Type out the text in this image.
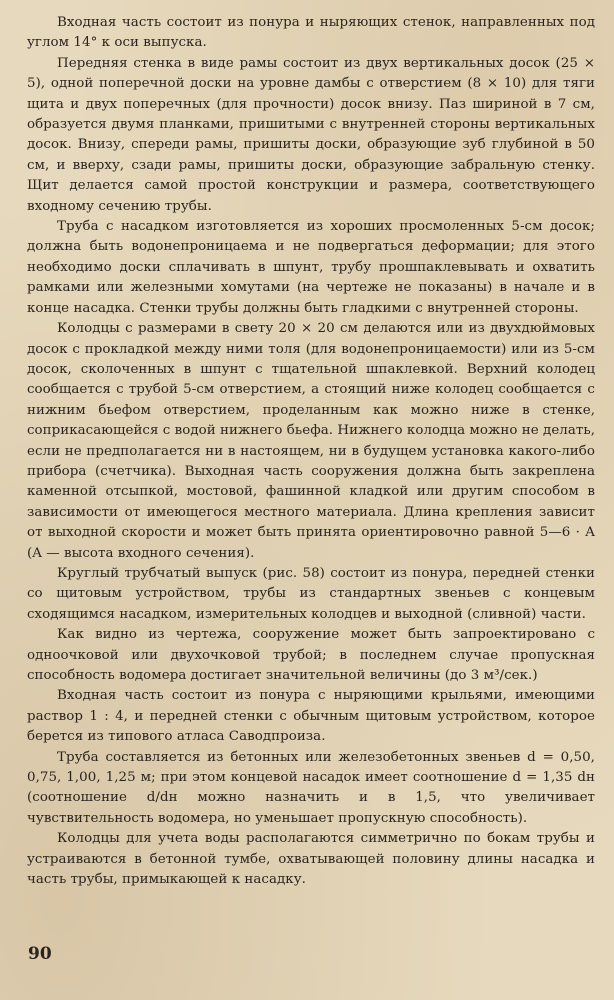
Входная часть состоит из понура и ныряющих стенок, направленных под углом 14° к оси выпуска.

Передняя стенка в виде рамы состоит из двух вертикальных досок (25 × 5), одной поперечной доски на уровне дамбы с отверстием (8 × 10) для тяги щита и двух поперечных (для прочности) досок внизу. Паз шириной в 7 см, образуется двумя планками, пришитыми с внутренней стороны вертикальных досок. Внизу, спереди рамы, пришиты доски, образующие зуб глубиной в 50 см, и вверху, сзади рамы, пришиты доски, образующие забральную стенку. Щит делается самой простой конструкции и размера, соответствующего входному сечению трубы.

Труба с насадком изготовляется из хороших просмоленных 5-см досок; должна быть водонепроницаема и не подвергаться деформации; для этого необходимо доски сплачивать в шпунт, трубу прошпаклевывать и охватить рамками или железными хомутами (на чертеже не показаны) в начале и в конце насадка. Стенки трубы должны быть гладкими с внутренней стороны.

Колодцы с размерами в свету 20 × 20 см делаются или из двухдюймовых досок с прокладкой между ними толя (для водонепроницаемости) или из 5-см досок, сколоченных в шпунт с тщательной шпаклевкой. Верхний колодец сообщается с трубой 5-см отверстием, а стоящий ниже колодец сообщается с нижним бьефом отверстием, проделанным как можно ниже в стенке, соприкасающейся с водой нижнего бьефа. Нижнего колодца можно не делать, если не предполагается ни в настоящем, ни в будущем установка какого-либо прибора (счетчика). Выходная часть сооружения должна быть закреплена каменной отсыпкой, мостовой, фашинной кладкой или другим способом в зависимости от имеющегося местного материала. Длина крепления зависит от выходной скорости и может быть принята ориентировочно равной 5—6 · A (A — высота входного сечения).

Круглый трубчатый выпуск (рис. 58) состоит из понура, передней стенки со щитовым устройством, трубы из стандартных звеньев с концевым сходящимся насадком, измерительных колодцев и выходной (сливной) части.

Как видно из чертежа, сооружение может быть запроектировано с одноочковой или двухочковой трубой; в последнем случае пропускная способность водомера достигает значительной величины (до 3 м³/сек.)

Входная часть состоит из понура с ныряющими крыльями, имеющими раствор 1 : 4, и передней стенки с обычным щитовым устройством, которое берется из типового атласа Саводпроиза.

Труба составляется из бетонных или железобетонных звеньев d = 0,50, 0,75, 1,00, 1,25 м; при этом концевой насадок имеет соотношение d = 1,35 dн (соотношение d/dн можно назначить и в 1,5, что увеличивает чувствительность водомера, но уменьшает пропускную способность).

Колодцы для учета воды располагаются симметрично по бокам трубы и устраиваются в бетонной тумбе, охватывающей половину длины насадка и часть трубы, примыкающей к насадку.

90
